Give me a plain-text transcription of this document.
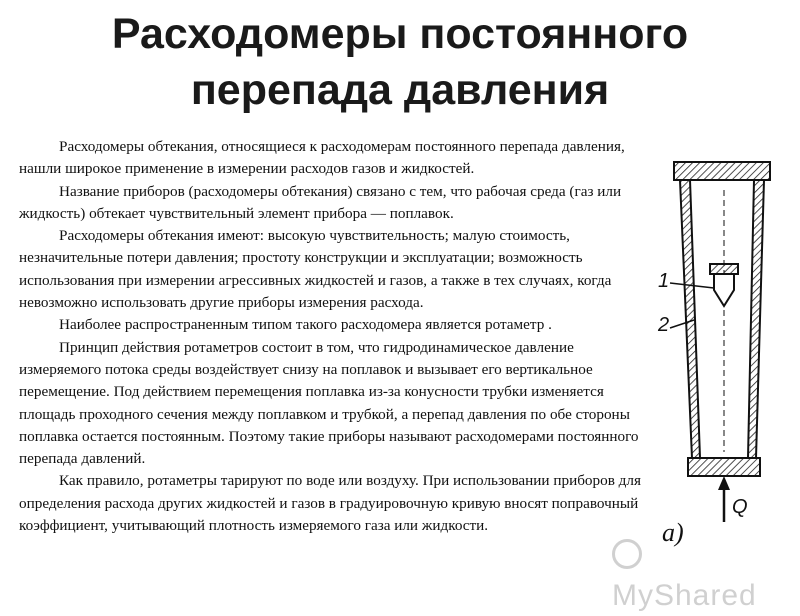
Расходомеры постоянного
перепада давления

Расходомеры обтекания, относящиеся к расходомерам постоянного перепада давления, нашли широкое применение в измерении расходов газов и жидкостей.

Название приборов (расходомеры обтекания) связано с тем, что рабочая среда (газ или жидкость) обтекает чувствительный элемент прибора — поплавок.

Расходомеры обтекания имеют: высокую чувствительность; малую стоимость, незначительные потери давления; простоту конструкции и эксплуатации; возможность использования при измерении агрессивных жидкостей и газов, а также в тех случаях, когда невозможно использовать другие приборы измерения расхода.

Наиболее распространенным типом такого расходомера является ротаметр .

Принцип действия ротаметров состоит в том, что гидродинамическое давление измеряемого потока среды воздействует снизу на поплавок и вызывает его вертикальное перемещение. Под действием перемещения поплавка из-за конусности трубки изменяется площадь проходного сечения между поплавком и трубкой, а перепад давления по обе стороны поплавка остается постоянным. Поэтому такие приборы называют расходомерами постоянного перепада давлений.

Как правило, ротаметры тарируют по воде или воздуху. При использовании приборов для определения расхода других жидкостей и газов в градуировочную кривую вносят поправочный коэффициент, учитывающий плотность измеряемого газа или жидкости.

1
2
Q
а)
MyShared
